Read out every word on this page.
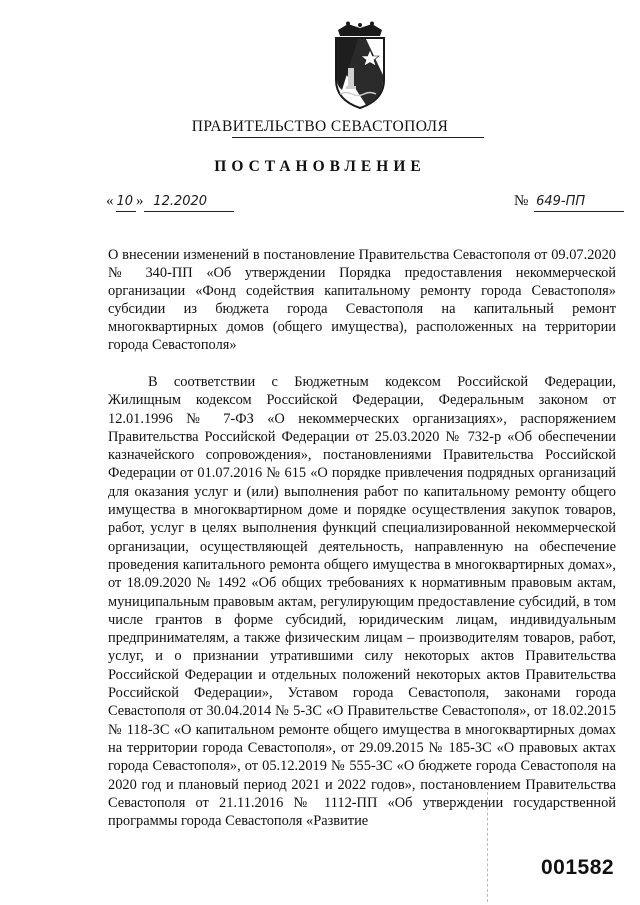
ПРАВИТЕЛЬСТВО СЕВАСТОПОЛЯ
ПОСТАНОВЛЕНИЕ
« 10 » 12.2020	№ 649-ПП
О внесении изменений в постановление Правительства Севастополя от 09.07.2020 № 340-ПП «Об утверждении Порядка предоставления некоммерческой организации «Фонд содействия капитальному ремонту города Севастополя» субсидии из бюджета города Севастополя на капитальный ремонт многоквартирных домов (общего имущества), расположенных на территории города Севастополя»
В соответствии с Бюджетным кодексом Российской Федерации, Жилищным кодексом Российской Федерации, Федеральным законом от 12.01.1996 № 7-ФЗ «О некоммерческих организациях», распоряжением Правительства Российской Федерации от 25.03.2020 № 732-р «Об обеспечении казначейского сопровождения», постановлениями Правительства Российской Федерации от 01.07.2016 № 615 «О порядке привлечения подрядных организаций для оказания услуг и (или) выполнения работ по капитальному ремонту общего имущества в многоквартирном доме и порядке осуществления закупок товаров, работ, услуг в целях выполнения функций специализированной некоммерческой организации, осуществляющей деятельность, направленную на обеспечение проведения капитального ремонта общего имущества в многоквартирных домах», от 18.09.2020 № 1492 «Об общих требованиях к нормативным правовым актам, муниципальным правовым актам, регулирующим предоставление субсидий, в том числе грантов в форме субсидий, юридическим лицам, индивидуальным предпринимателям, а также физическим лицам – производителям товаров, работ, услуг, и о признании утратившими силу некоторых актов Правительства Российской Федерации и отдельных положений некоторых актов Правительства Российской Федерации», Уставом города Севастополя, законами города Севастополя от 30.04.2014 № 5-ЗС «О Правительстве Севастополя», от 18.02.2015 № 118-ЗС «О капитальном ремонте общего имущества в многоквартирных домах на территории города Севастополя», от 29.09.2015 № 185-ЗС «О правовых актах города Севастополя», от 05.12.2019 № 555-ЗС «О бюджете города Севастополя на 2020 год и плановый период 2021 и 2022 годов», постановлением Правительства Севастополя от 21.11.2016 № 1112-ПП «Об утверждении государственной программы города Севастополя «Развитие
001582
